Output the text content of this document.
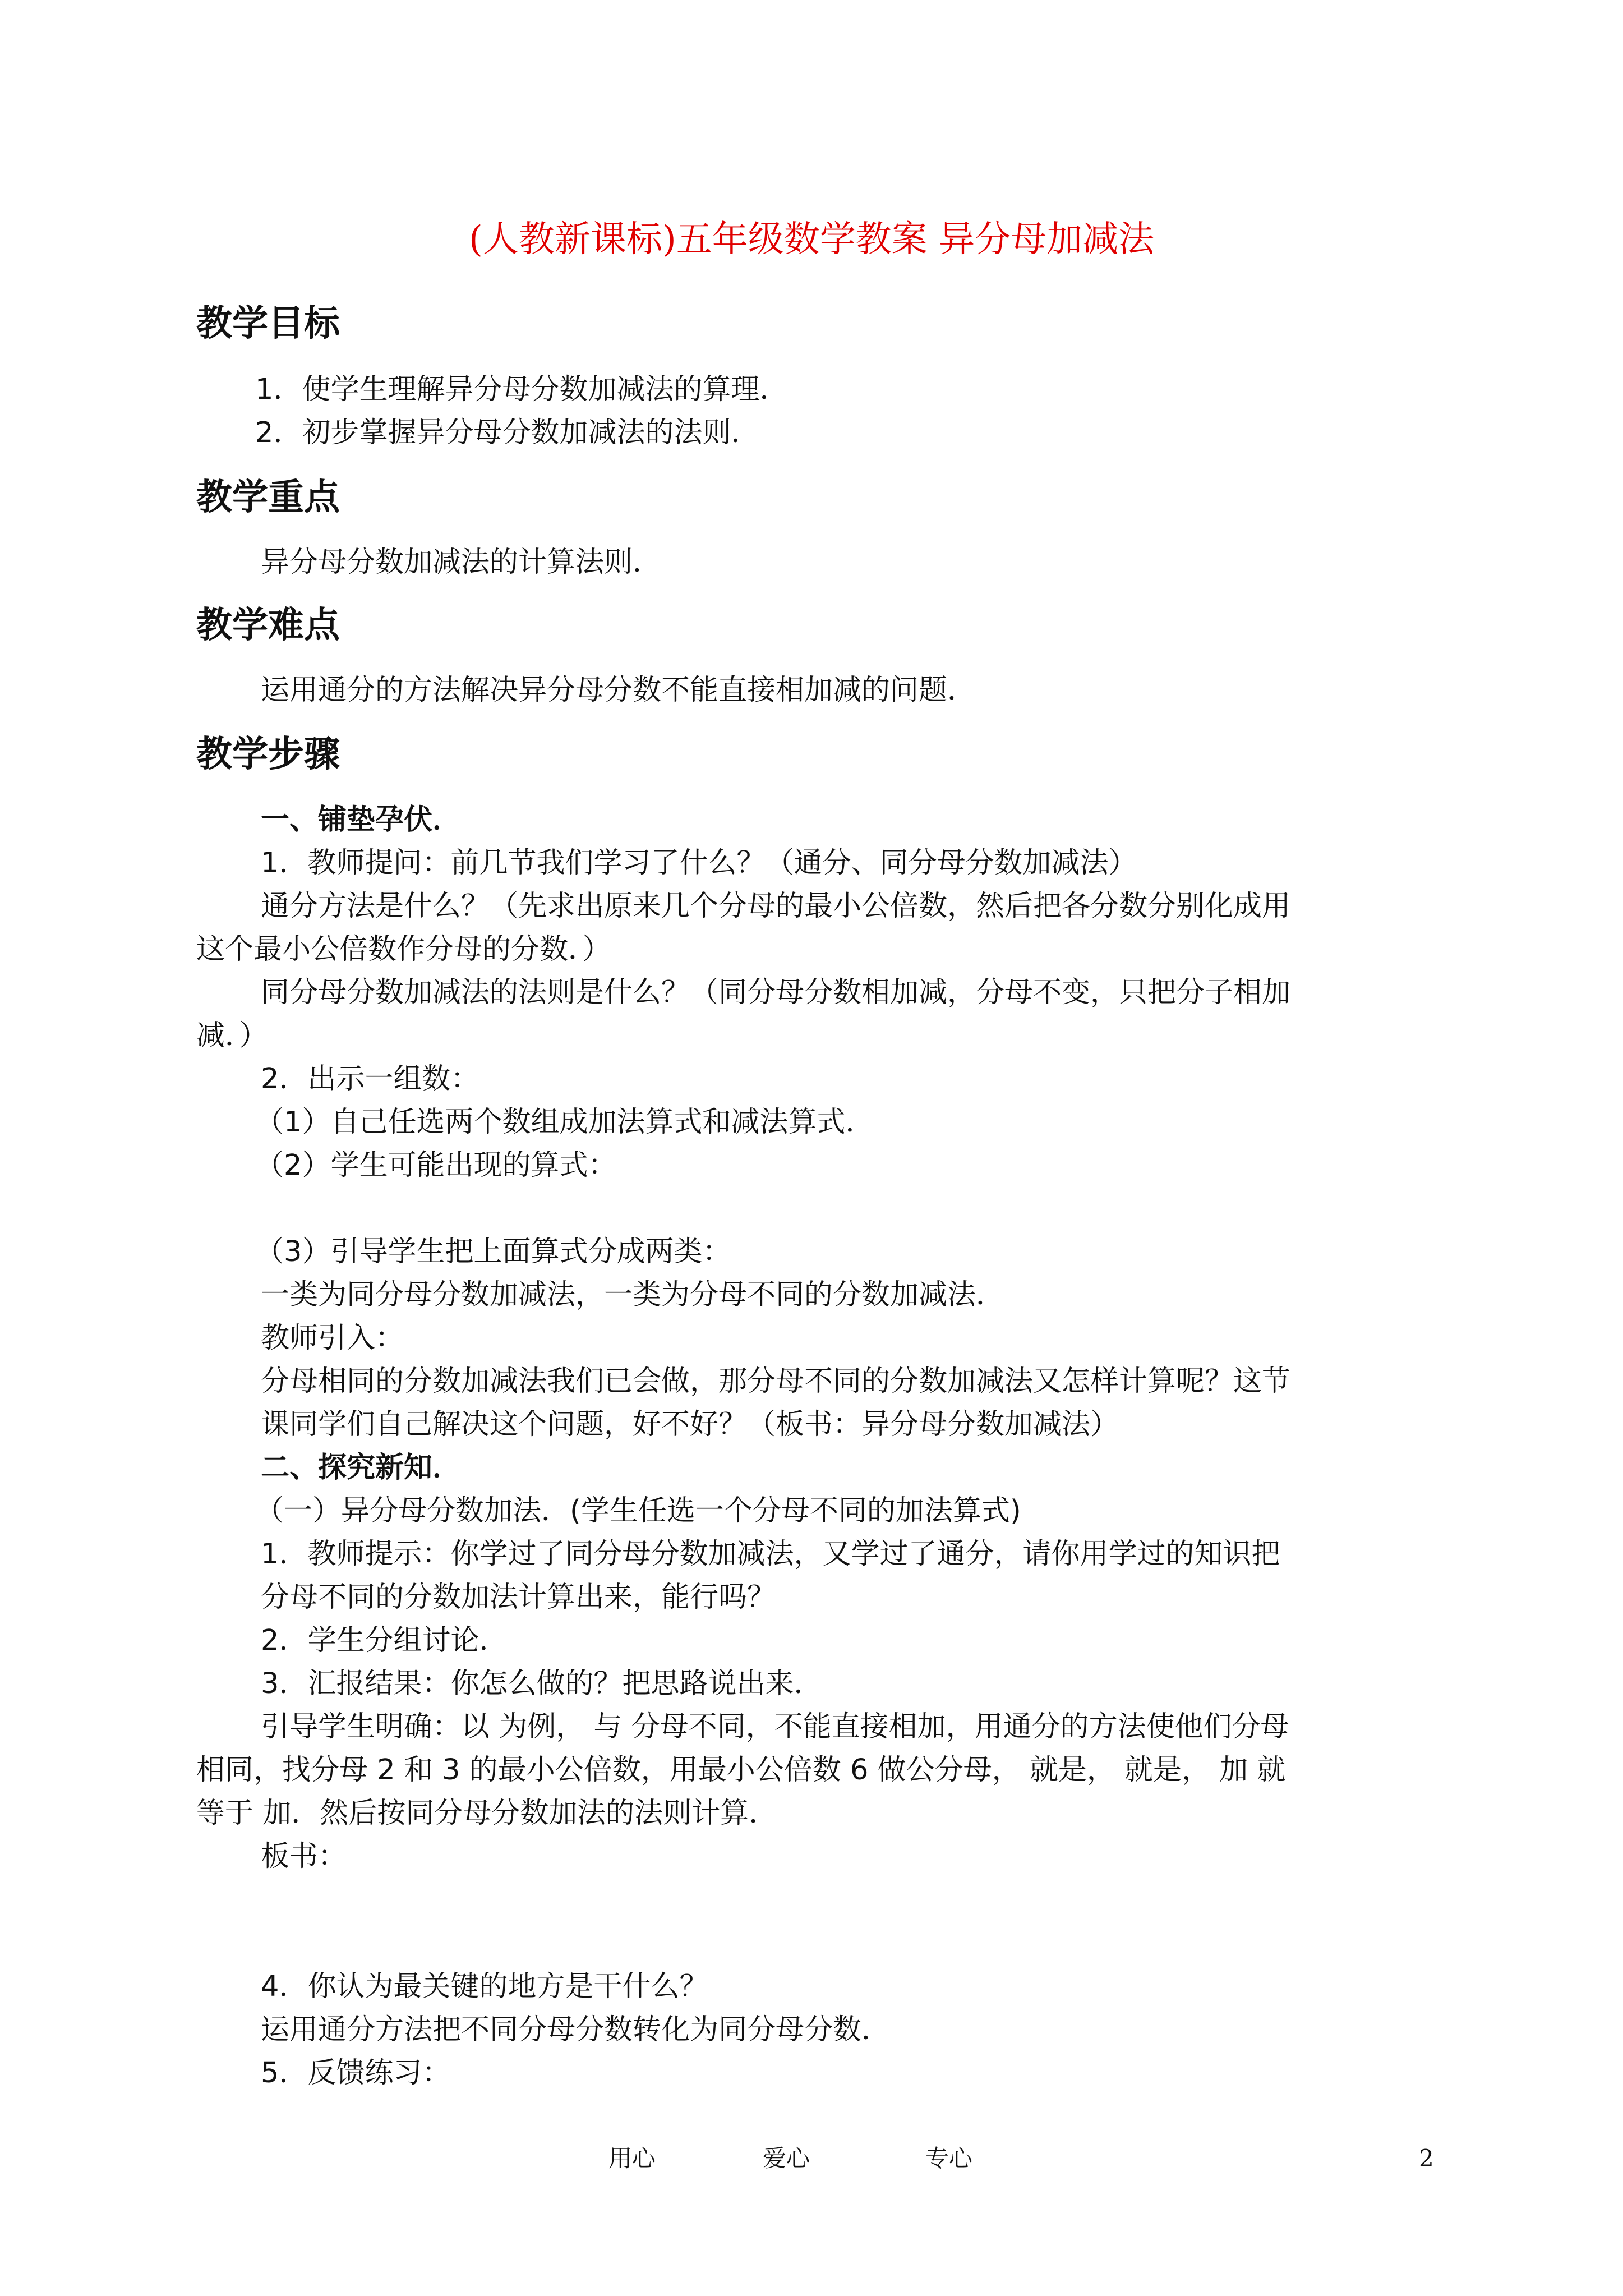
(人教新课标)五年级数学教案 异分母加减法
教学目标
1．使学生理解异分母分数加减法的算理．
2．初步掌握异分母分数加减法的法则．
教学重点
异分母分数加减法的计算法则．
教学难点
运用通分的方法解决异分母分数不能直接相加减的问题．
教学步骤
一、铺垫孕伏．
1．教师提问：前几节我们学习了什么？（通分、同分母分数加减法）
通分方法是什么？（先求出原来几个分母的最小公倍数，然后把各分数分别化成用
这个最小公倍数作分母的分数．）
同分母分数加减法的法则是什么？（同分母分数相加减，分母不变，只把分子相加
减．）
2．出示一组数：
（1）自己任选两个数组成加法算式和减法算式．
（2）学生可能出现的算式：
（3）引导学生把上面算式分成两类：
一类为同分母分数加减法，一类为分母不同的分数加减法．
教师引入：
分母相同的分数加减法我们已会做，那分母不同的分数加减法又怎样计算呢？这节
课同学们自己解决这个问题，好不好？（板书：异分母分数加减法）
二、探究新知．
（一）异分母分数加法．(学生任选一个分母不同的加法算式)
1．教师提示：你学过了同分母分数加减法，又学过了通分，请你用学过的知识把
分母不同的分数加法计算出来，能行吗？
2．学生分组讨论．
3．汇报结果：你怎么做的？把思路说出来．
引导学生明确：以 为例， 与 分母不同，不能直接相加，用通分的方法使他们分母
相同，找分母 2 和 3 的最小公倍数，用最小公倍数 6 做公分母， 就是， 就是， 加 就
等于 加．然后按同分母分数加法的法则计算．
板书：
4．你认为最关键的地方是干什么？
运用通分方法把不同分母分数转化为同分母分数．
5．反馈练习：
用心	爱心	专心	2
